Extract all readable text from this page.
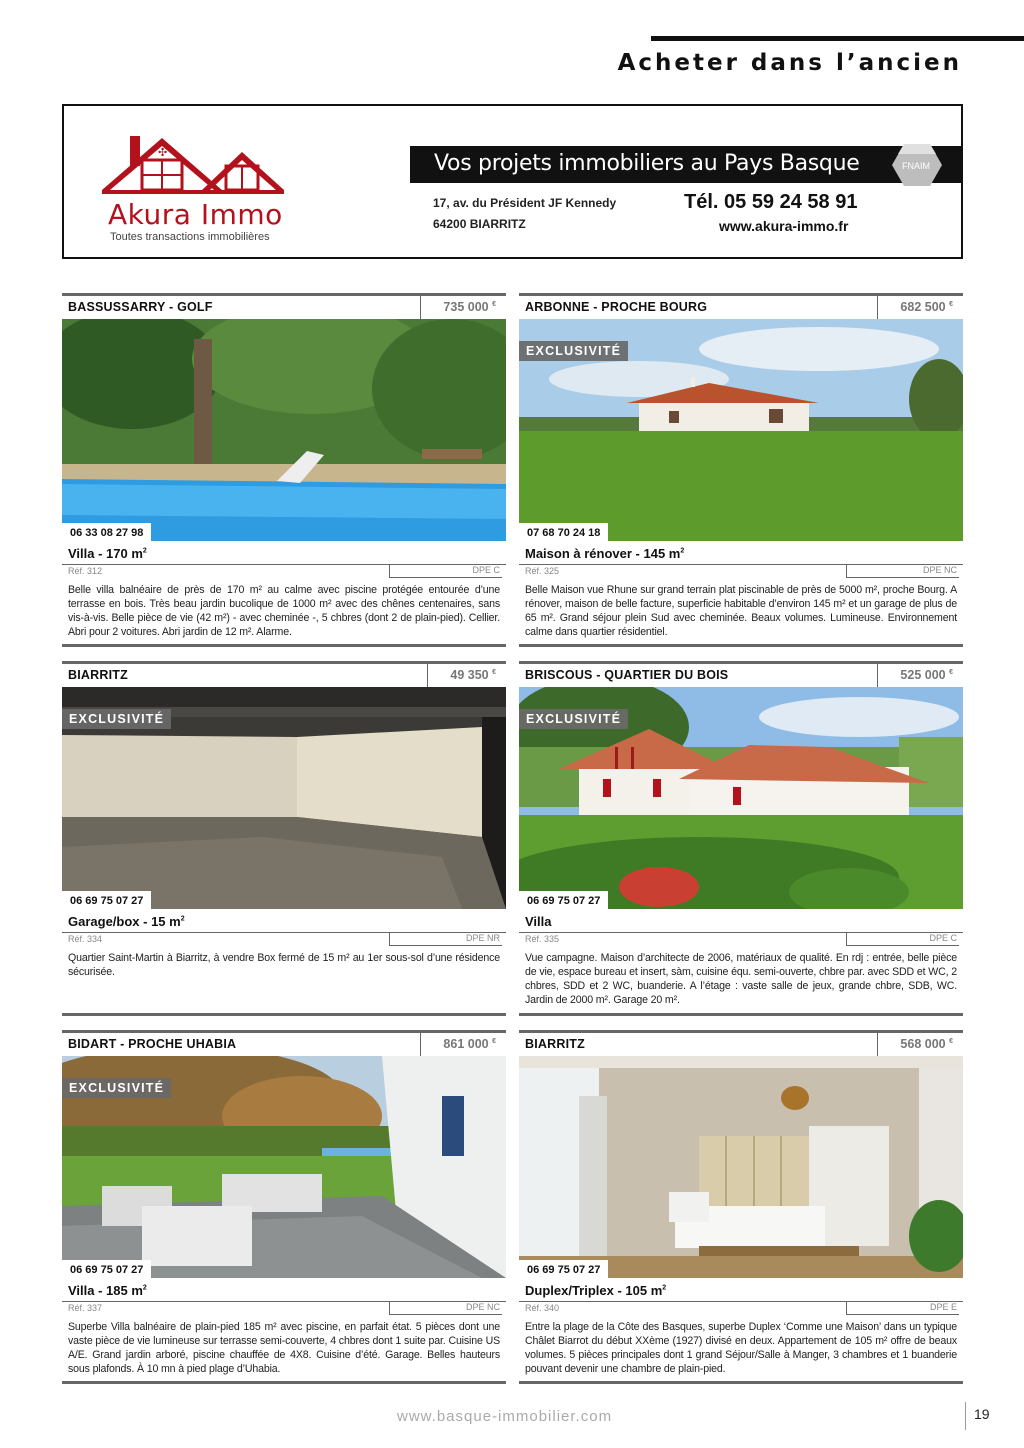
Acheter dans l’ancien
✣
Akura Immo
Toutes transactions immobilières
Vos projets immobiliers au Pays Basque	FNAIM
17, av. du Président JF Kennedy
64200 BIARRITZ
Tél. 05 59 24 58 91
www.akura-immo.fr
BASSUSSARRY - GOLF	735 000 €
06 33 08 27 98
Villa - 170 $m^2$
Réf. 312	DPE C
Belle villa balnéaire de près de 170 m² au calme avec piscine protégée entourée d’une terrasse en bois. Très beau jardin bucolique de 1000 m² avec des chênes centenaires, sans vis-à-vis. Belle pièce de vie (42 m²) - avec cheminée -, 5 chbres (dont 2 de plain-pied). Cellier. Abri pour 2 voitures. Abri jardin de 12 m². Alarme.
ARBONNE - PROCHE BOURG	682 500 €
EXCLUSIVITÉ
07 68 70 24 18
Maison à rénover - 145 $m^2$
Réf. 325	DPE NC
Belle Maison vue Rhune sur grand terrain plat piscinable de près de 5000 m², proche Bourg. A rénover, maison de belle facture, superficie habitable d’environ 145 m² et un garage de plus de 65 m². Grand séjour plein Sud avec cheminée. Beaux volumes. Lumineuse. Environnement calme dans quartier résidentiel.
BIARRITZ	49 350 €
EXCLUSIVITÉ
06 69 75 07 27
Garage/box - 15 $m^2$
Réf. 334	DPE NR
Quartier Saint-Martin à Biarritz, à vendre Box fermé de 15 m² au 1er sous-sol d’une résidence sécurisée.
BRISCOUS - QUARTIER DU BOIS	525 000 €
EXCLUSIVITÉ
06 69 75 07 27
Villa
Réf. 335	DPE C
Vue campagne. Maison d’architecte de 2006, matériaux de qualité. En rdj : entrée, belle pièce de vie, espace bureau et insert, sàm, cuisine équ. semi-ouverte, chbre par. avec SDD et WC, 2 chbres, SDD et 2 WC, buanderie. A l’étage : vaste salle de jeux, grande chbre, SDB, WC. Jardin de 2000 m². Garage 20 m².
BIDART - PROCHE UHABIA	861 000 €
EXCLUSIVITÉ
06 69 75 07 27
Villa - 185 $m^2$
Réf. 337	DPE NC
Superbe Villa balnéaire de plain-pied 185 m² avec piscine, en parfait état. 5 pièces dont une vaste pièce de vie lumineuse sur terrasse semi-couverte, 4 chbres dont 1 suite par. Cuisine US A/E. Grand jardin arboré, piscine chauffée de 4X8. Cuisine d’été. Garage. Belles hauteurs sous plafonds. À 10 mn à pied plage d’Uhabia.
BIARRITZ	568 000 €
06 69 75 07 27
Duplex/Triplex - 105 $m^2$
Réf. 340	DPE E
Entre la plage de la Côte des Basques, superbe Duplex ‘Comme une Maison’ dans un typique Châlet Biarrot du début XXème (1927) divisé en deux. Appartement de 105 m² offre de beaux volumes. 5 pièces principales dont 1 grand Séjour/Salle à Manger, 3 chambres et 1 buanderie pouvant devenir une chambre de plain-pied.
www.basque-immobilier.com	19
